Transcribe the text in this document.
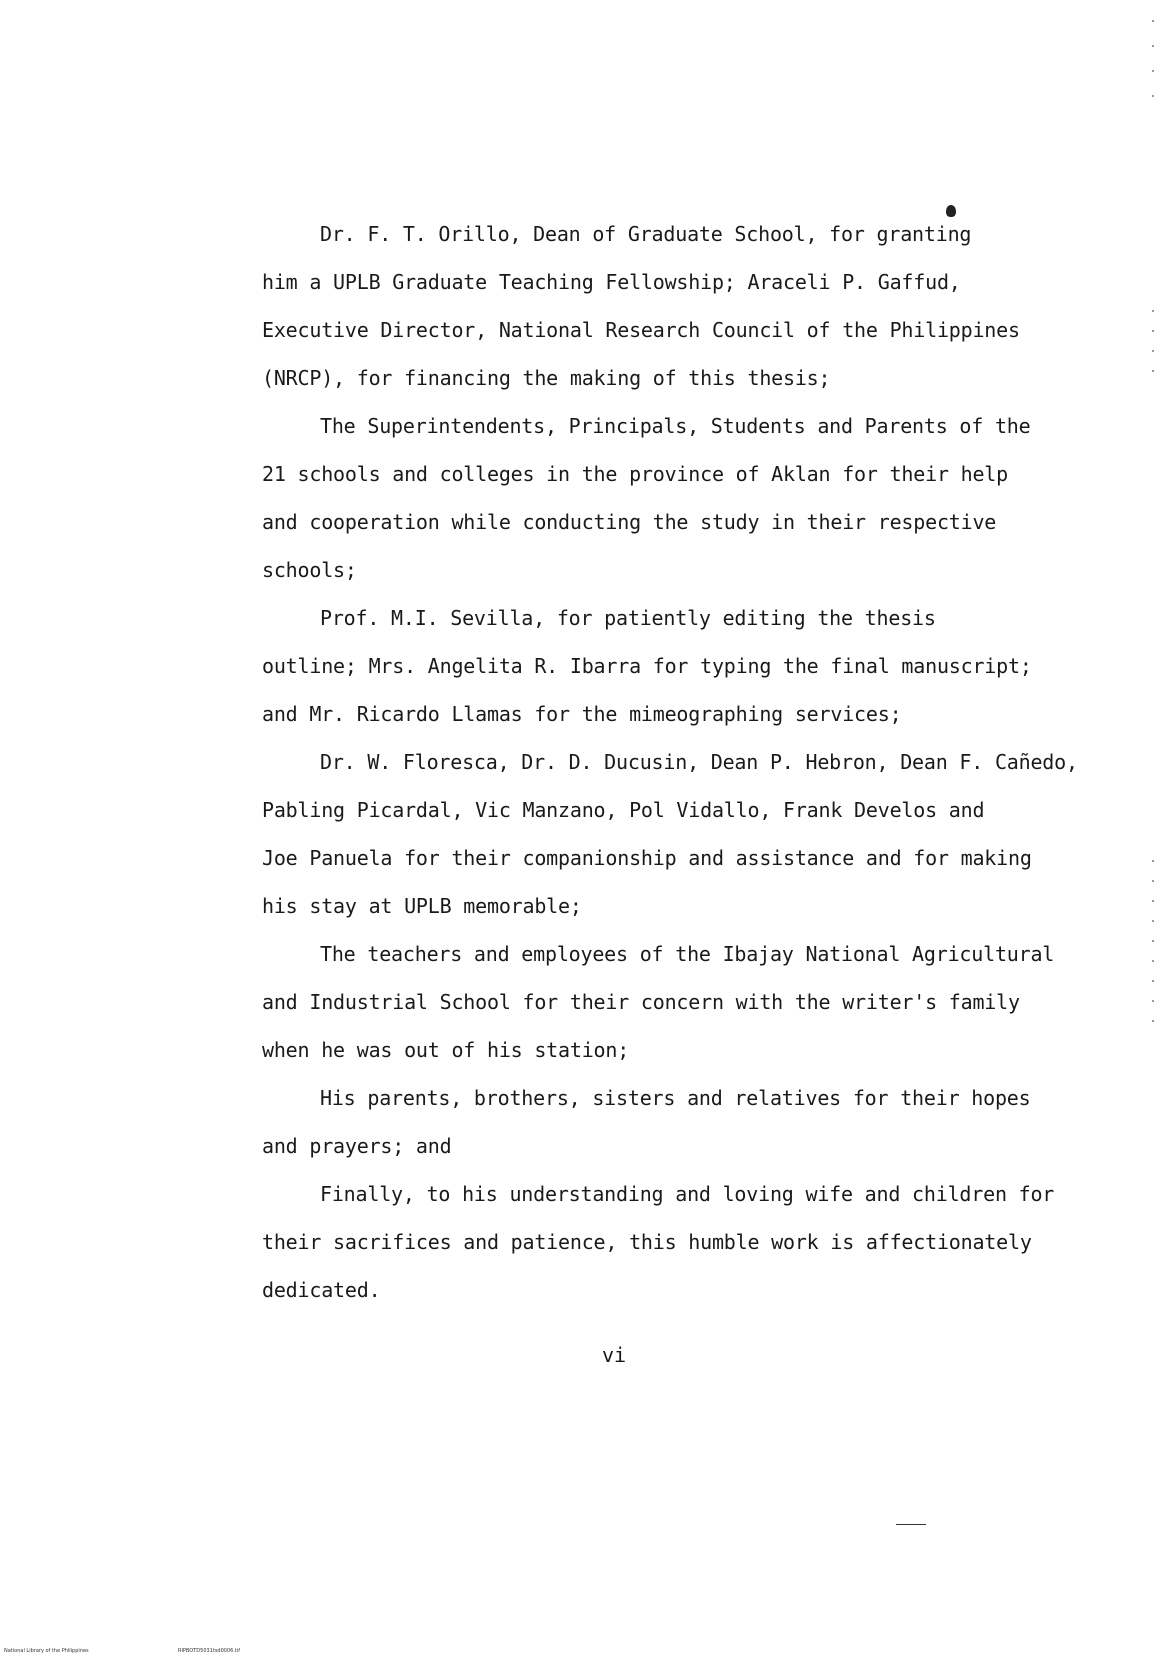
Dr. F. T. Orillo, Dean of Graduate School, for granting
him a UPLB Graduate Teaching Fellowship; Araceli P. Gaffud,
Executive Director, National Research Council of the Philippines
(NRCP), for financing the making of this thesis;
The Superintendents, Principals, Students and Parents of the
21 schools and colleges in the province of Aklan for their help
and cooperation while conducting the study in their respective
schools;
Prof. M.I. Sevilla, for patiently editing the thesis
outline; Mrs. Angelita R. Ibarra for typing the final manuscript;
and Mr. Ricardo Llamas for the mimeographing services;
Dr. W. Floresca, Dr. D. Ducusin, Dean P. Hebron, Dean F. Cañedo,
Pabling Picardal, Vic Manzano, Pol Vidallo, Frank Develos and
Joe Panuela for their companionship and assistance and for making
his stay at UPLB memorable;
The teachers and employees of the Ibajay National Agricultural
and Industrial School for their concern with the writer's family
when he was out of his station;
His parents, brothers, sisters and relatives for their hopes
and prayers; and
Finally, to his understanding and loving wife and children for
their sacrifices and patience, this humble work is affectionately
dedicated.
vi
National Library of the Philippines	RIPBOTD5031tsd0006.tif
